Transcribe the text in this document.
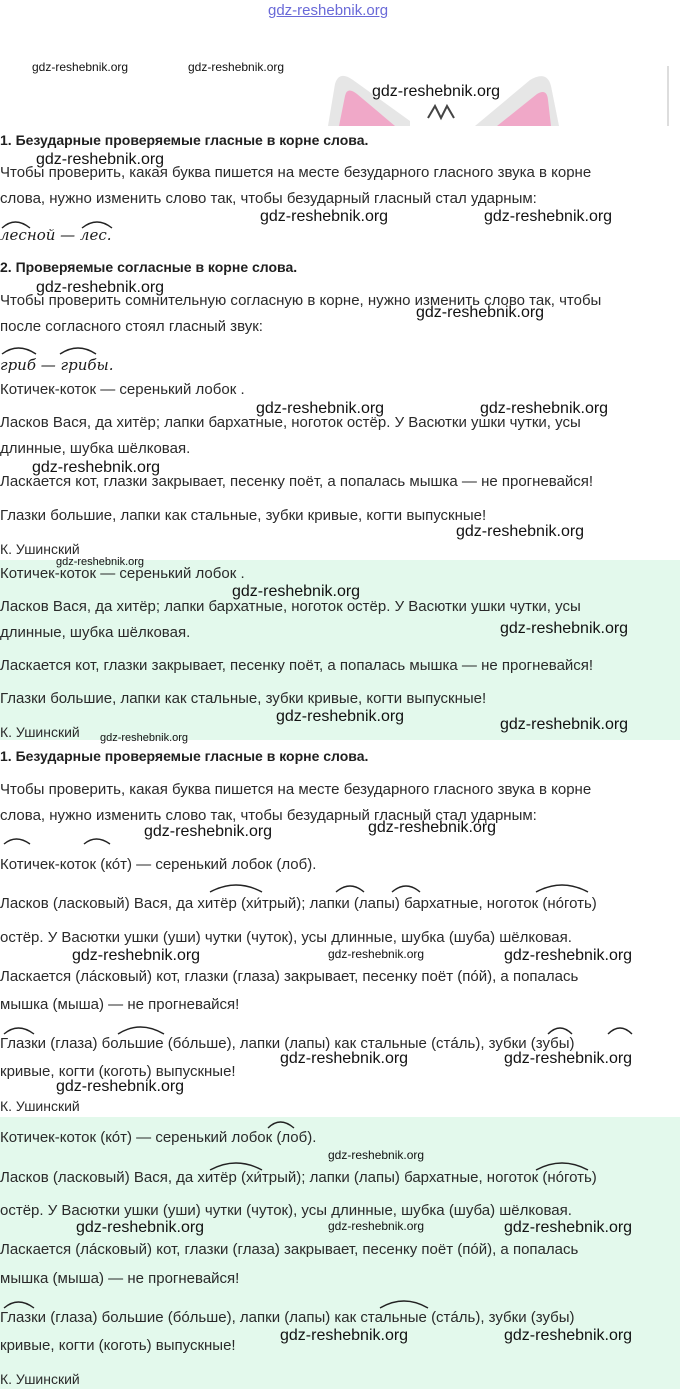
gdz-reshebnik.org
gdz-reshebnik.org	gdz-reshebnik.org
gdz-reshebnik.org
1. Безударные проверяемые гласные в корне слова.
gdz-reshebnik.org
Чтобы проверить, какая буква пишется на месте безударного гласного звука в корне
слова, нужно изменить слово так, чтобы безударный гласный стал ударным:
gdz-reshebnik.org	gdz-reshebnik.org
лесной — лес.
2. Проверяемые согласные в корне слова.
gdz-reshebnik.org
Чтобы проверить сомнительную согласную в корне, нужно изменить слово так, чтобы
gdz-reshebnik.org
после согласного стоял гласный звук:
гриб — грибы.
Котичек-коток — серенький лобок .
gdz-reshebnik.org	gdz-reshebnik.org
Ласков Вася, да хитёр; лапки бархатные, ноготок остёр. У Васютки ушки чутки, усы
длинные, шубка шёлковая.
gdz-reshebnik.org
Ласкается кот, глазки закрывает, песенку поёт, а попалась мышка — не прогневайся!
Глазки большие, лапки как стальные, зубки кривые, когти выпускные!
gdz-reshebnik.org
К. Ушинский
gdz-reshebnik.org
Котичек-коток — серенький лобок .
gdz-reshebnik.org
Ласков Вася, да хитёр; лапки бархатные, ноготок остёр. У Васютки ушки чутки, усы
gdz-reshebnik.org
длинные, шубка шёлковая.
Ласкается кот, глазки закрывает, песенку поёт, а попалась мышка — не прогневайся!
Глазки большие, лапки как стальные, зубки кривые, когти выпускные!
gdz-reshebnik.org	gdz-reshebnik.org
К. Ушинский gdz-reshebnik.org
1. Безударные проверяемые гласные в корне слова.
Чтобы проверить, какая буква пишется на месте безударного гласного звука в корне
слова, нужно изменить слово так, чтобы безударный гласный стал ударным:
gdz-reshebnik.org	gdz-reshebnik.org
Котичек-коток (кóт) — серенький лобок (лоб).
Ласков (ласковый) Вася, да хитёр (хи́трый); лапки (лапы) бархатные, ноготок (нóготь)
остёр. У Васютки ушки (уши) чутки (чуток), усы длинные, шубка (шуба) шёлковая.
gdz-reshebnik.org	gdz-reshebnik.org	gdz-reshebnik.org
Ласкается (лáсковый) кот, глазки (глаза) закрывает, песенку поёт (пóй), а попалась
мышка (мыша) — не прогневайся!
Глазки (глаза) большие (бóльше), лапки (лапы) как стальные (стáль), зубки (зубы)
gdz-reshebnik.org	gdz-reshebnik.org
кривые, когти (коготь) выпускные!
gdz-reshebnik.org
К. Ушинский
Котичек-коток (кóт) — серенький лобок (лоб).
gdz-reshebnik.org
Ласков (ласковый) Вася, да хитёр (хи́трый); лапки (лапы) бархатные, ноготок (нóготь)
остёр. У Васютки ушки (уши) чутки (чуток), усы длинные, шубка (шуба) шёлковая.
gdz-reshebnik.org	gdz-reshebnik.org	gdz-reshebnik.org
Ласкается (лáсковый) кот, глазки (глаза) закрывает, песенку поёт (пóй), а попалась
мышка (мыша) — не прогневайся!
Глазки (глаза) большие (бóльше), лапки (лапы) как стальные (стáль), зубки (зубы)
gdz-reshebnik.org	gdz-reshebnik.org
кривые, когти (коготь) выпускные!
К. Ушинский
